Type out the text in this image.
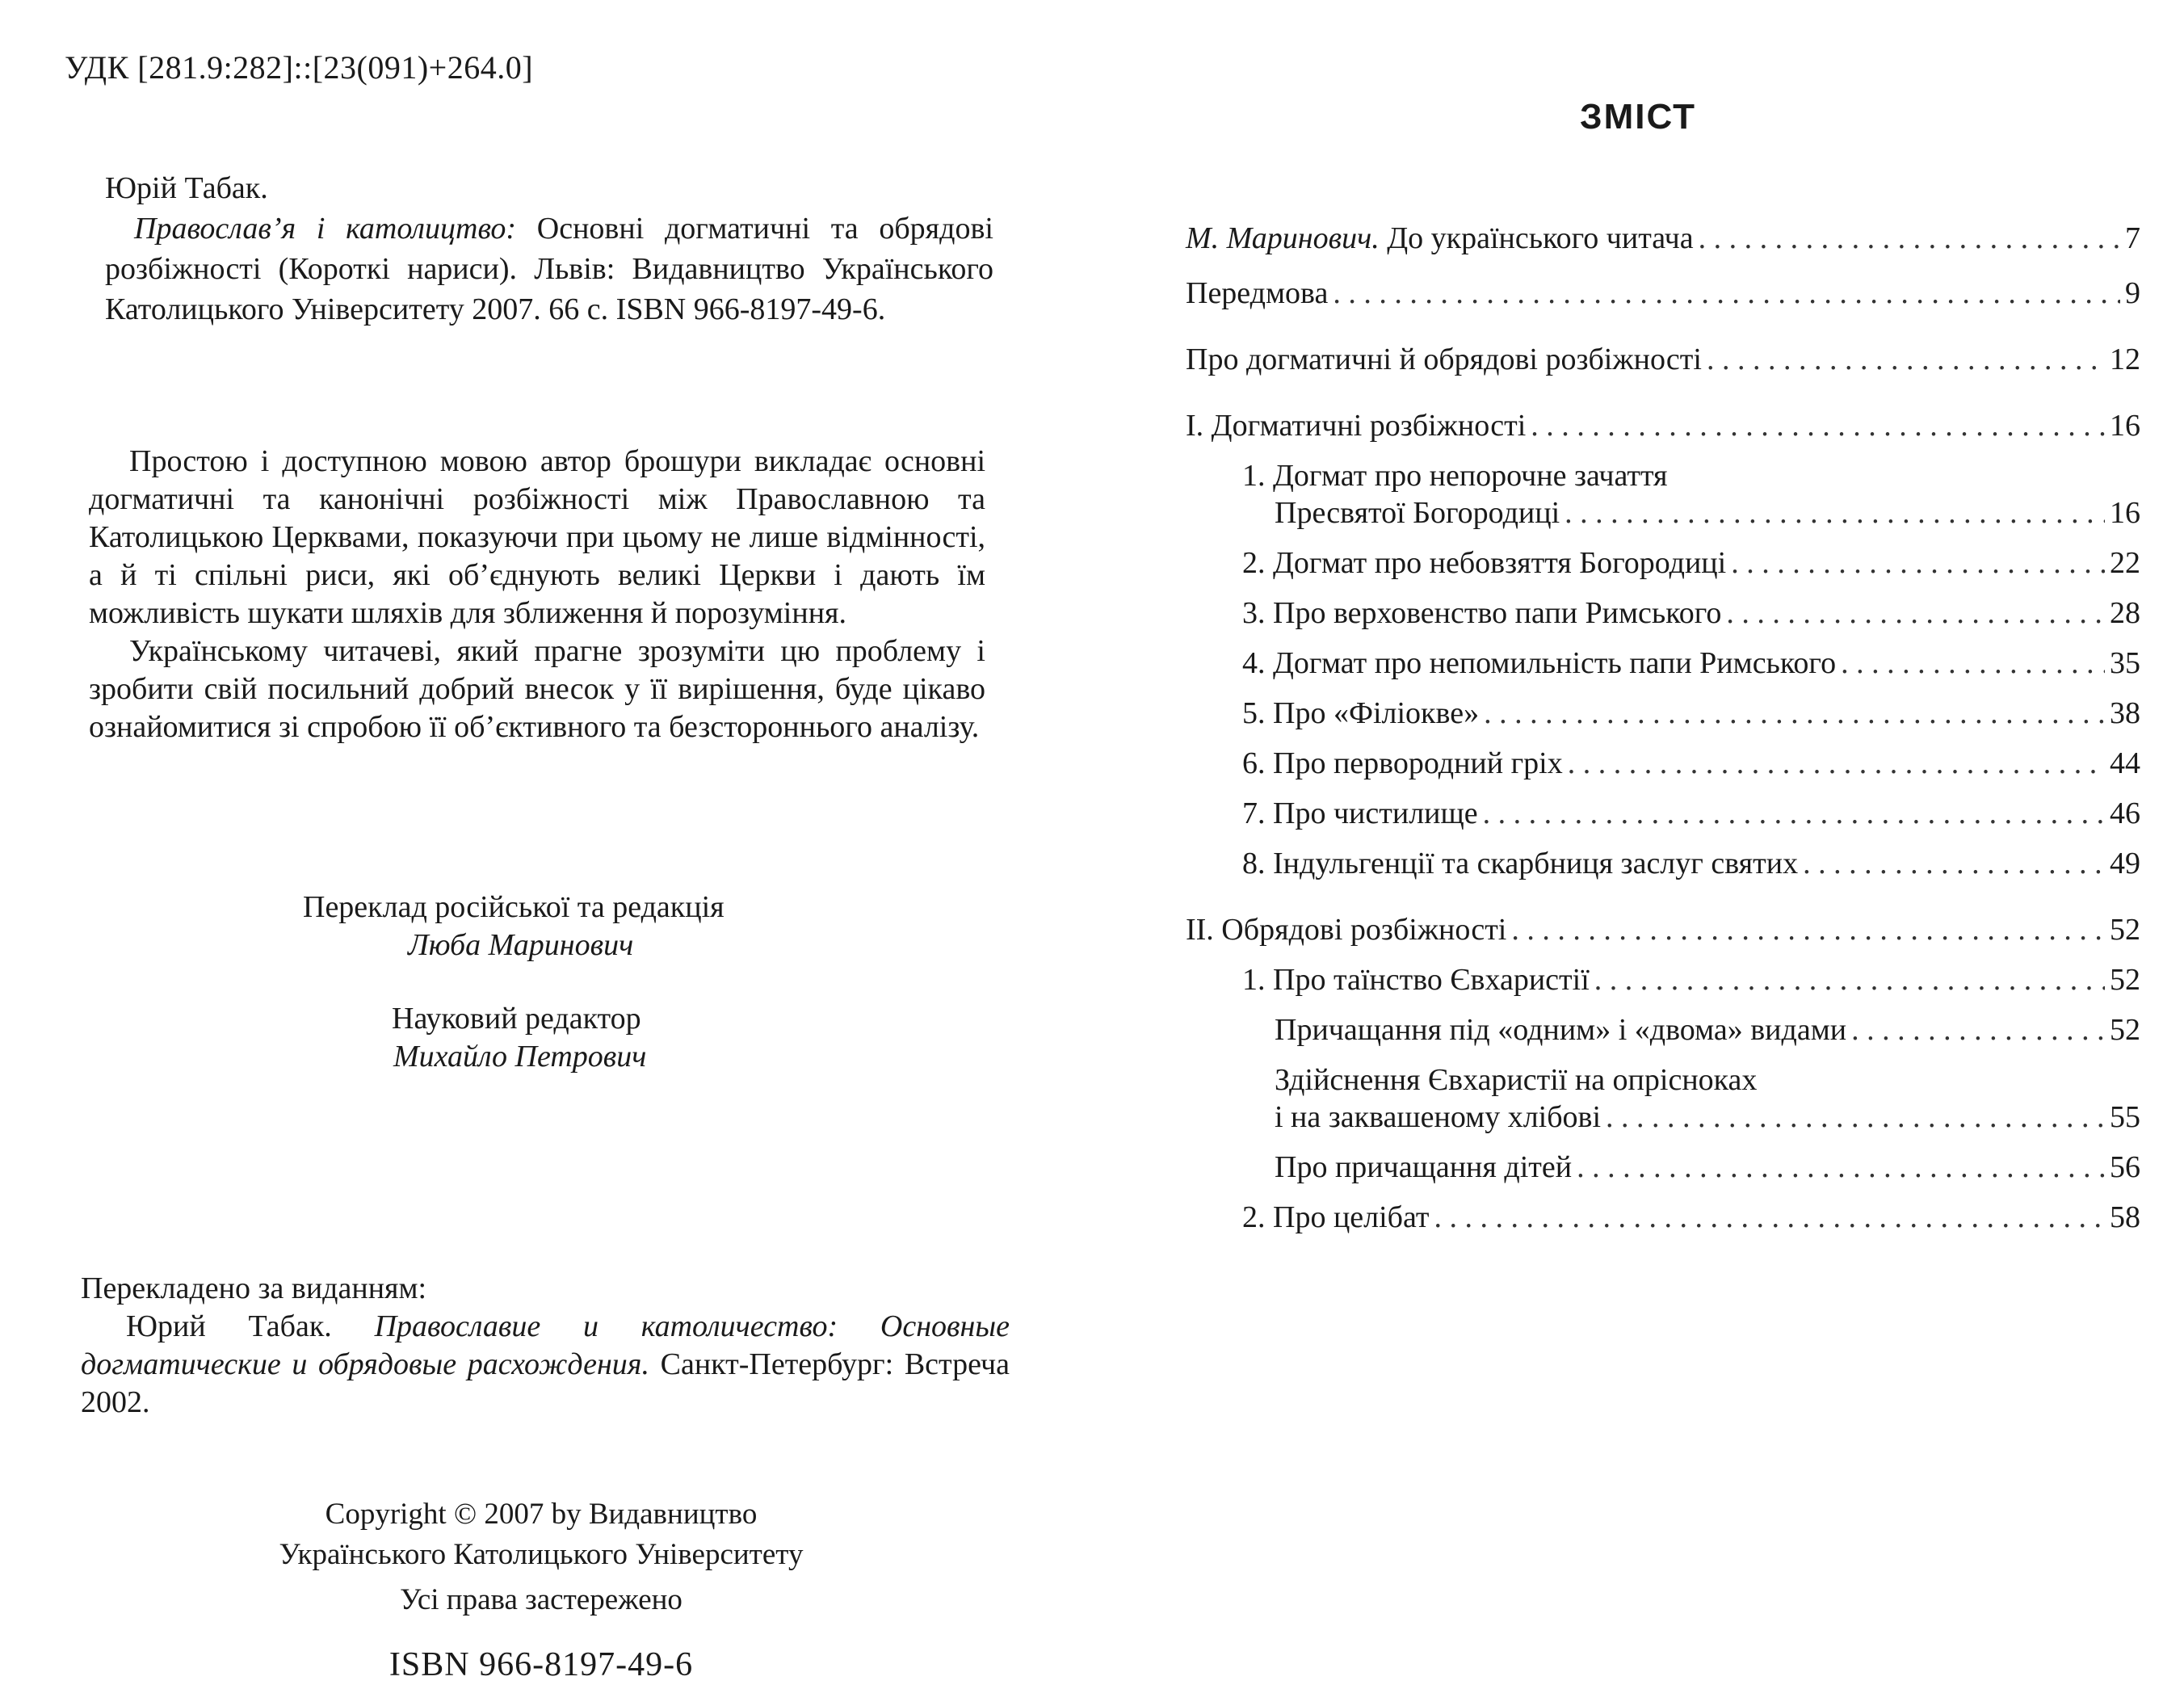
УДК [281.9:282]::[23(091)+264.0]

Юрій Табак.

Православ’я і католицтво: Основні догматичні та обрядові розбіжності (Короткі нариси). Львів: Видавництво Українського Католицького Університету 2007. 66 с. ISBN 966-8197-49-6.

Простою і доступною мовою автор брошури викладає основні догматичні та канонічні розбіжності між Православною та Католицькою Церквами, показуючи при цьому не лише відмінності, а й ті спільні риси, які об’єднують великі Церкви і дають їм можливість шукати шляхів для зближення й порозуміння.

Українському читачеві, який прагне зрозуміти цю проблему і зробити свій посильний добрий внесок у її вирішення, буде цікаво ознайомитися зі спробою її об’єктивного та безстороннього аналізу.

Переклад російської та редакція
Люба Маринович
Науковий редактор
Михайло Петрович
Перекладено за виданням:
Юрий Табак. Православие и католичество: Основные догматические и обрядовые расхождения. Санкт-Петербург: Встреча 2002.
Copyright © 2007 by Видавництво
Українського Католицького Університету
Усі права застережено
ISBN 966-8197-49-6
ЗМІСТ
М. Маринович. До українського читача . . .	7
Передмова . . .	9
Про догматичні й обрядові розбіжності . . .	12
І. Догматичні розбіжності . . .	16
1. Догмат про непорочне зачаття
Пресвятої Богородиці . . .	16
2. Догмат про небовзяття Богородиці . . .	22
3. Про верховенство папи Римського . . .	28
4. Догмат про непомильність папи Римського . . .	35
5. Про «Філіокве» . . .	38
6. Про первородний гріх . . .	44
7. Про чистилище . . .	46
8. Індульгенції та скарбниця заслуг святих . . .	49
ІІ. Обрядові розбіжності . . .	52
1. Про таїнство Євхаристії . . .	52
Причащання під «одним» і «двома» видами . . .	52
Здійснення Євхаристії на опрісноках
і на заквашеному хлібові . . .	55
Про причащання дітей . . .	56
2. Про целібат . . .	58
